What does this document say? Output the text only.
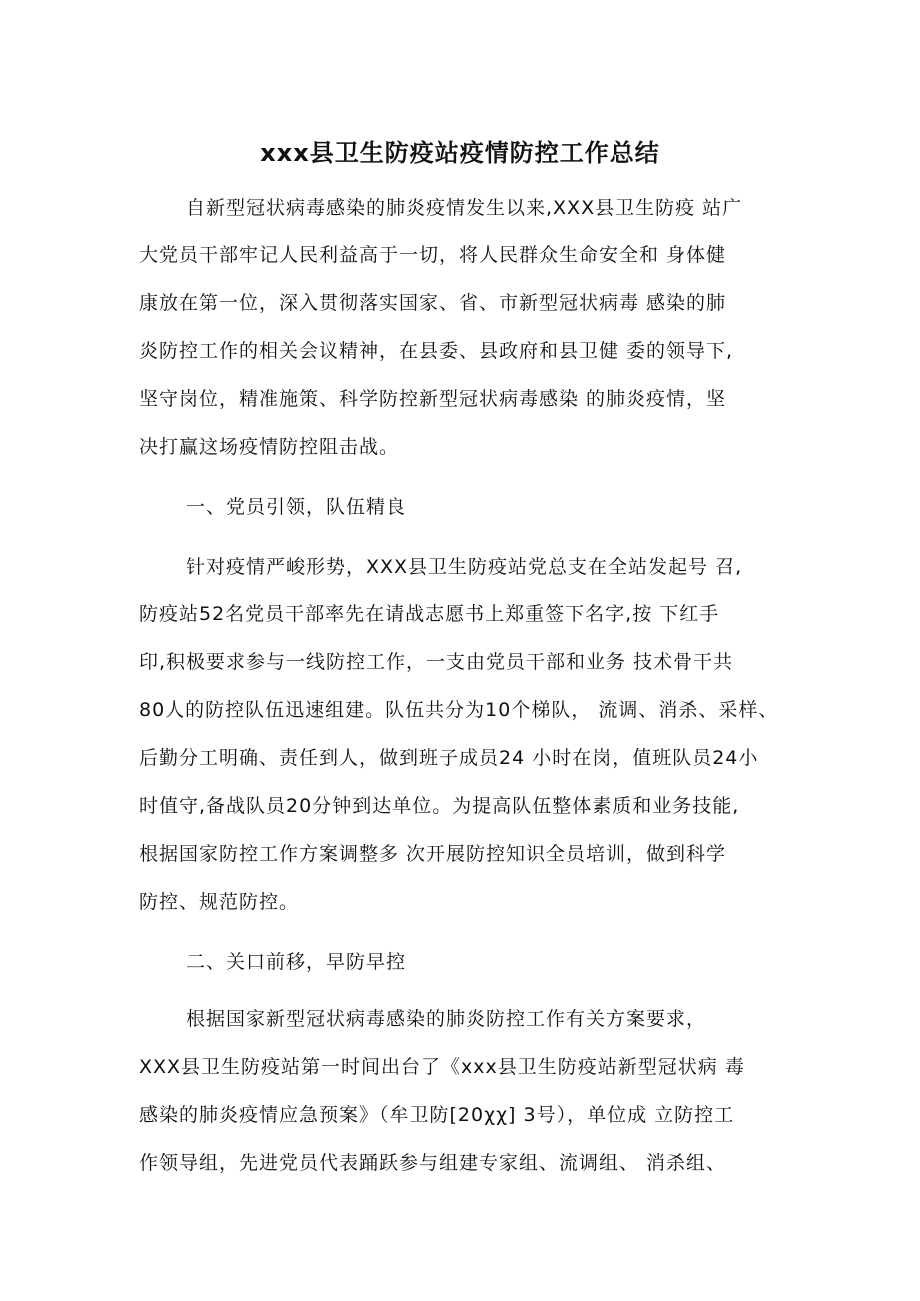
xxx县卫生防疫站疫情防控工作总结
自新型冠状病毒感染的肺炎疫情发生以来,XXX县卫生防疫 站广
大党员干部牢记人民利益高于一切，将人民群众生命安全和 身体健
康放在第一位，深入贯彻落实国家、省、市新型冠状病毒 感染的肺
炎防控工作的相关会议精神，在县委、县政府和县卫健 委的领导下,
坚守岗位，精准施策、科学防控新型冠状病毒感染 的肺炎疫情，坚
决打赢这场疫情防控阻击战。
一、党员引领，队伍精良
针对疫情严峻形势，XXX县卫生防疫站党总支在全站发起号 召,
防疫站52名党员干部率先在请战志愿书上郑重签下名字,按 下红手
印,积极要求参与一线防控工作，一支由党员干部和业务 技术骨干共
80人的防控队伍迅速组建。队伍共分为10个梯队， 流调、消杀、采样、
后勤分工明确、责任到人，做到班子成员24 小时在岗，值班队员24小
时值守,备战队员20分钟到达单位。为提高队伍整体素质和业务技能,
根据国家防控工作方案调整多 次开展防控知识全员培训，做到科学
防控、规范防控。
二、关口前移，早防早控
根据国家新型冠状病毒感染的肺炎防控工作有关方案要求，
XXX县卫生防疫站第一时间出台了《xxx县卫生防疫站新型冠状病 毒
感染的肺炎疫情应急预案》（牟卫防[20χχ] 3号），单位成 立防控工
作领导组，先进党员代表踊跃参与组建专家组、流调组、 消杀组、
